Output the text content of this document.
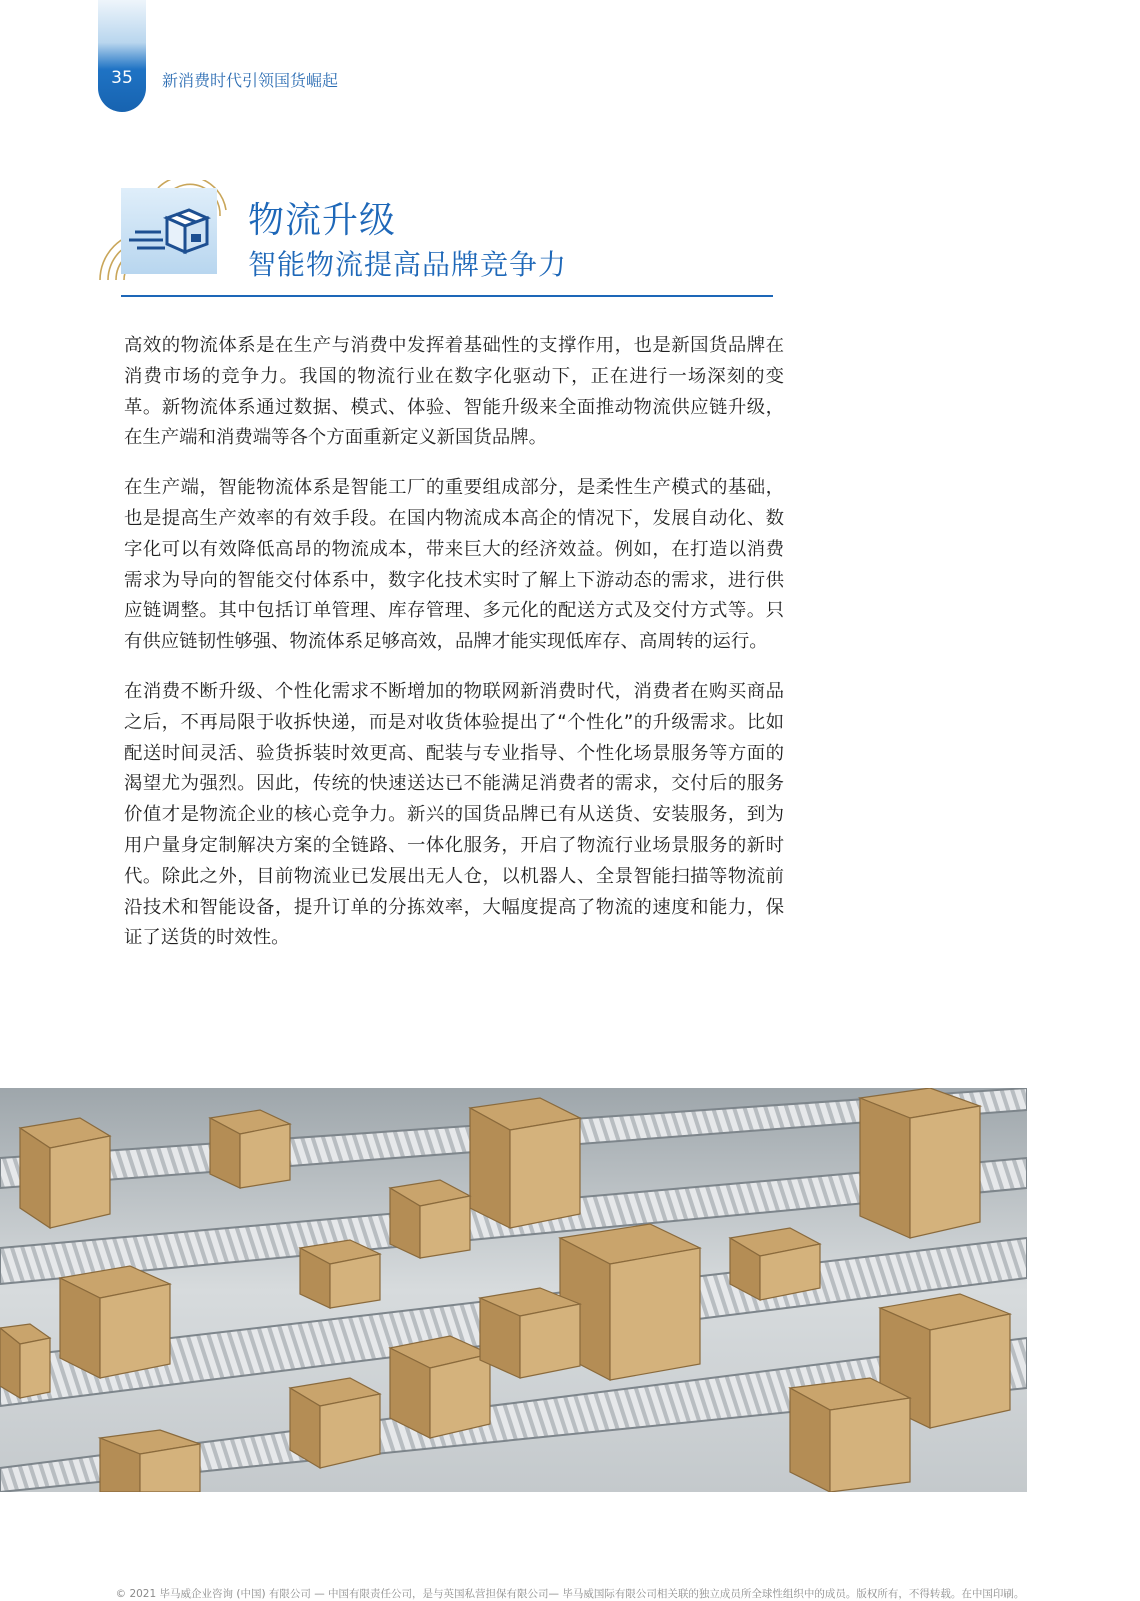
35	新消费时代引领国货崛起
物流升级
智能物流提高品牌竞争力

高效的物流体系是在生产与消费中发挥着基础性的支撑作用，也是新国货品牌在消费市场的竞争力。我国的物流行业在数字化驱动下，正在进行一场深刻的变革。新物流体系通过数据、模式、体验、智能升级来全面推动物流供应链升级，在生产端和消费端等各个方面重新定义新国货品牌。

在生产端，智能物流体系是智能工厂的重要组成部分，是柔性生产模式的基础，也是提高生产效率的有效手段。在国内物流成本高企的情况下，发展自动化、数字化可以有效降低高昂的物流成本，带来巨大的经济效益。例如，在打造以消费需求为导向的智能交付体系中，数字化技术实时了解上下游动态的需求，进行供应链调整。其中包括订单管理、库存管理、多元化的配送方式及交付方式等。只有供应链韧性够强、物流体系足够高效，品牌才能实现低库存、高周转的运行。

在消费不断升级、个性化需求不断增加的物联网新消费时代，消费者在购买商品之后，不再局限于收拆快递，而是对收货体验提出了“个性化”的升级需求。比如配送时间灵活、验货拆装时效更高、配装与专业指导、个性化场景服务等方面的渴望尤为强烈。因此，传统的快速送达已不能满足消费者的需求，交付后的服务价值才是物流企业的核心竞争力。新兴的国货品牌已有从送货、安装服务，到为用户量身定制解决方案的全链路、一体化服务，开启了物流行业场景服务的新时代。除此之外，目前物流业已发展出无人仓，以机器人、全景智能扫描等物流前沿技术和智能设备，提升订单的分拣效率，大幅度提高了物流的速度和能力，保证了送货的时效性。

© 2021 毕马威企业咨询 (中国) 有限公司 — 中国有限责任公司，是与英国私营担保有限公司— 毕马威国际有限公司相关联的独立成员所全球性组织中的成员。版权所有，不得转载。在中国印刷。
